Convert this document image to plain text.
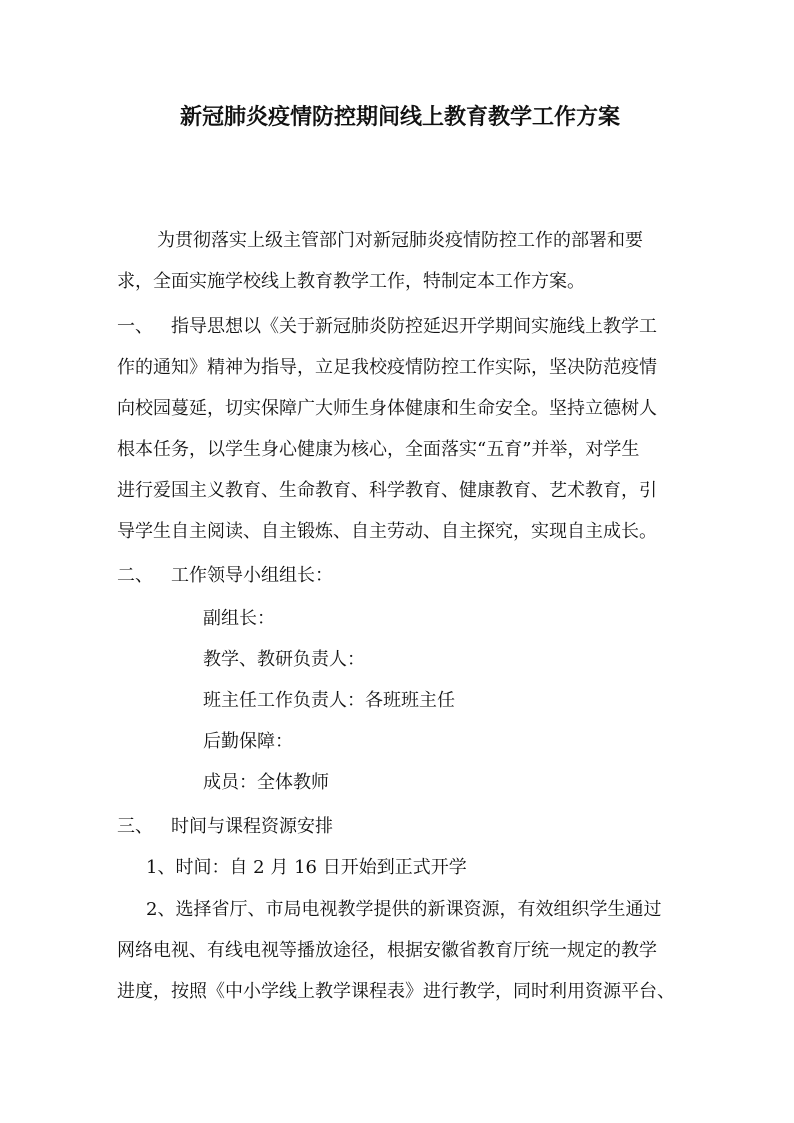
新冠肺炎疫情防控期间线上教育教学工作方案
为贯彻落实上级主管部门对新冠肺炎疫情防控工作的部署和要
求，全面实施学校线上教育教学工作，特制定本工作方案。
一、 指导思想以《关于新冠肺炎防控延迟开学期间实施线上教学工
作的通知》精神为指导，立足我校疫情防控工作实际，坚决防范疫情
向校园蔓延，切实保障广大师生身体健康和生命安全。坚持立德树人
根本任务，以学生身心健康为核心，全面落实“五育”并举，对学生
进行爱国主义教育、生命教育、科学教育、健康教育、艺术教育，引
导学生自主阅读、自主锻炼、自主劳动、自主探究，实现自主成长。
二、 工作领导小组组长：
副组长：
教学、教研负责人：
班主任工作负责人：各班班主任
后勤保障：
成员：全体教师
三、 时间与课程资源安排
1、时间：自 2 月 16 日开始到正式开学
2、选择省厅、市局电视教学提供的新课资源，有效组织学生通过
网络电视、有线电视等播放途径，根据安徽省教育厅统一规定的教学
进度，按照《中小学线上教学课程表》进行教学，同时利用资源平台、
